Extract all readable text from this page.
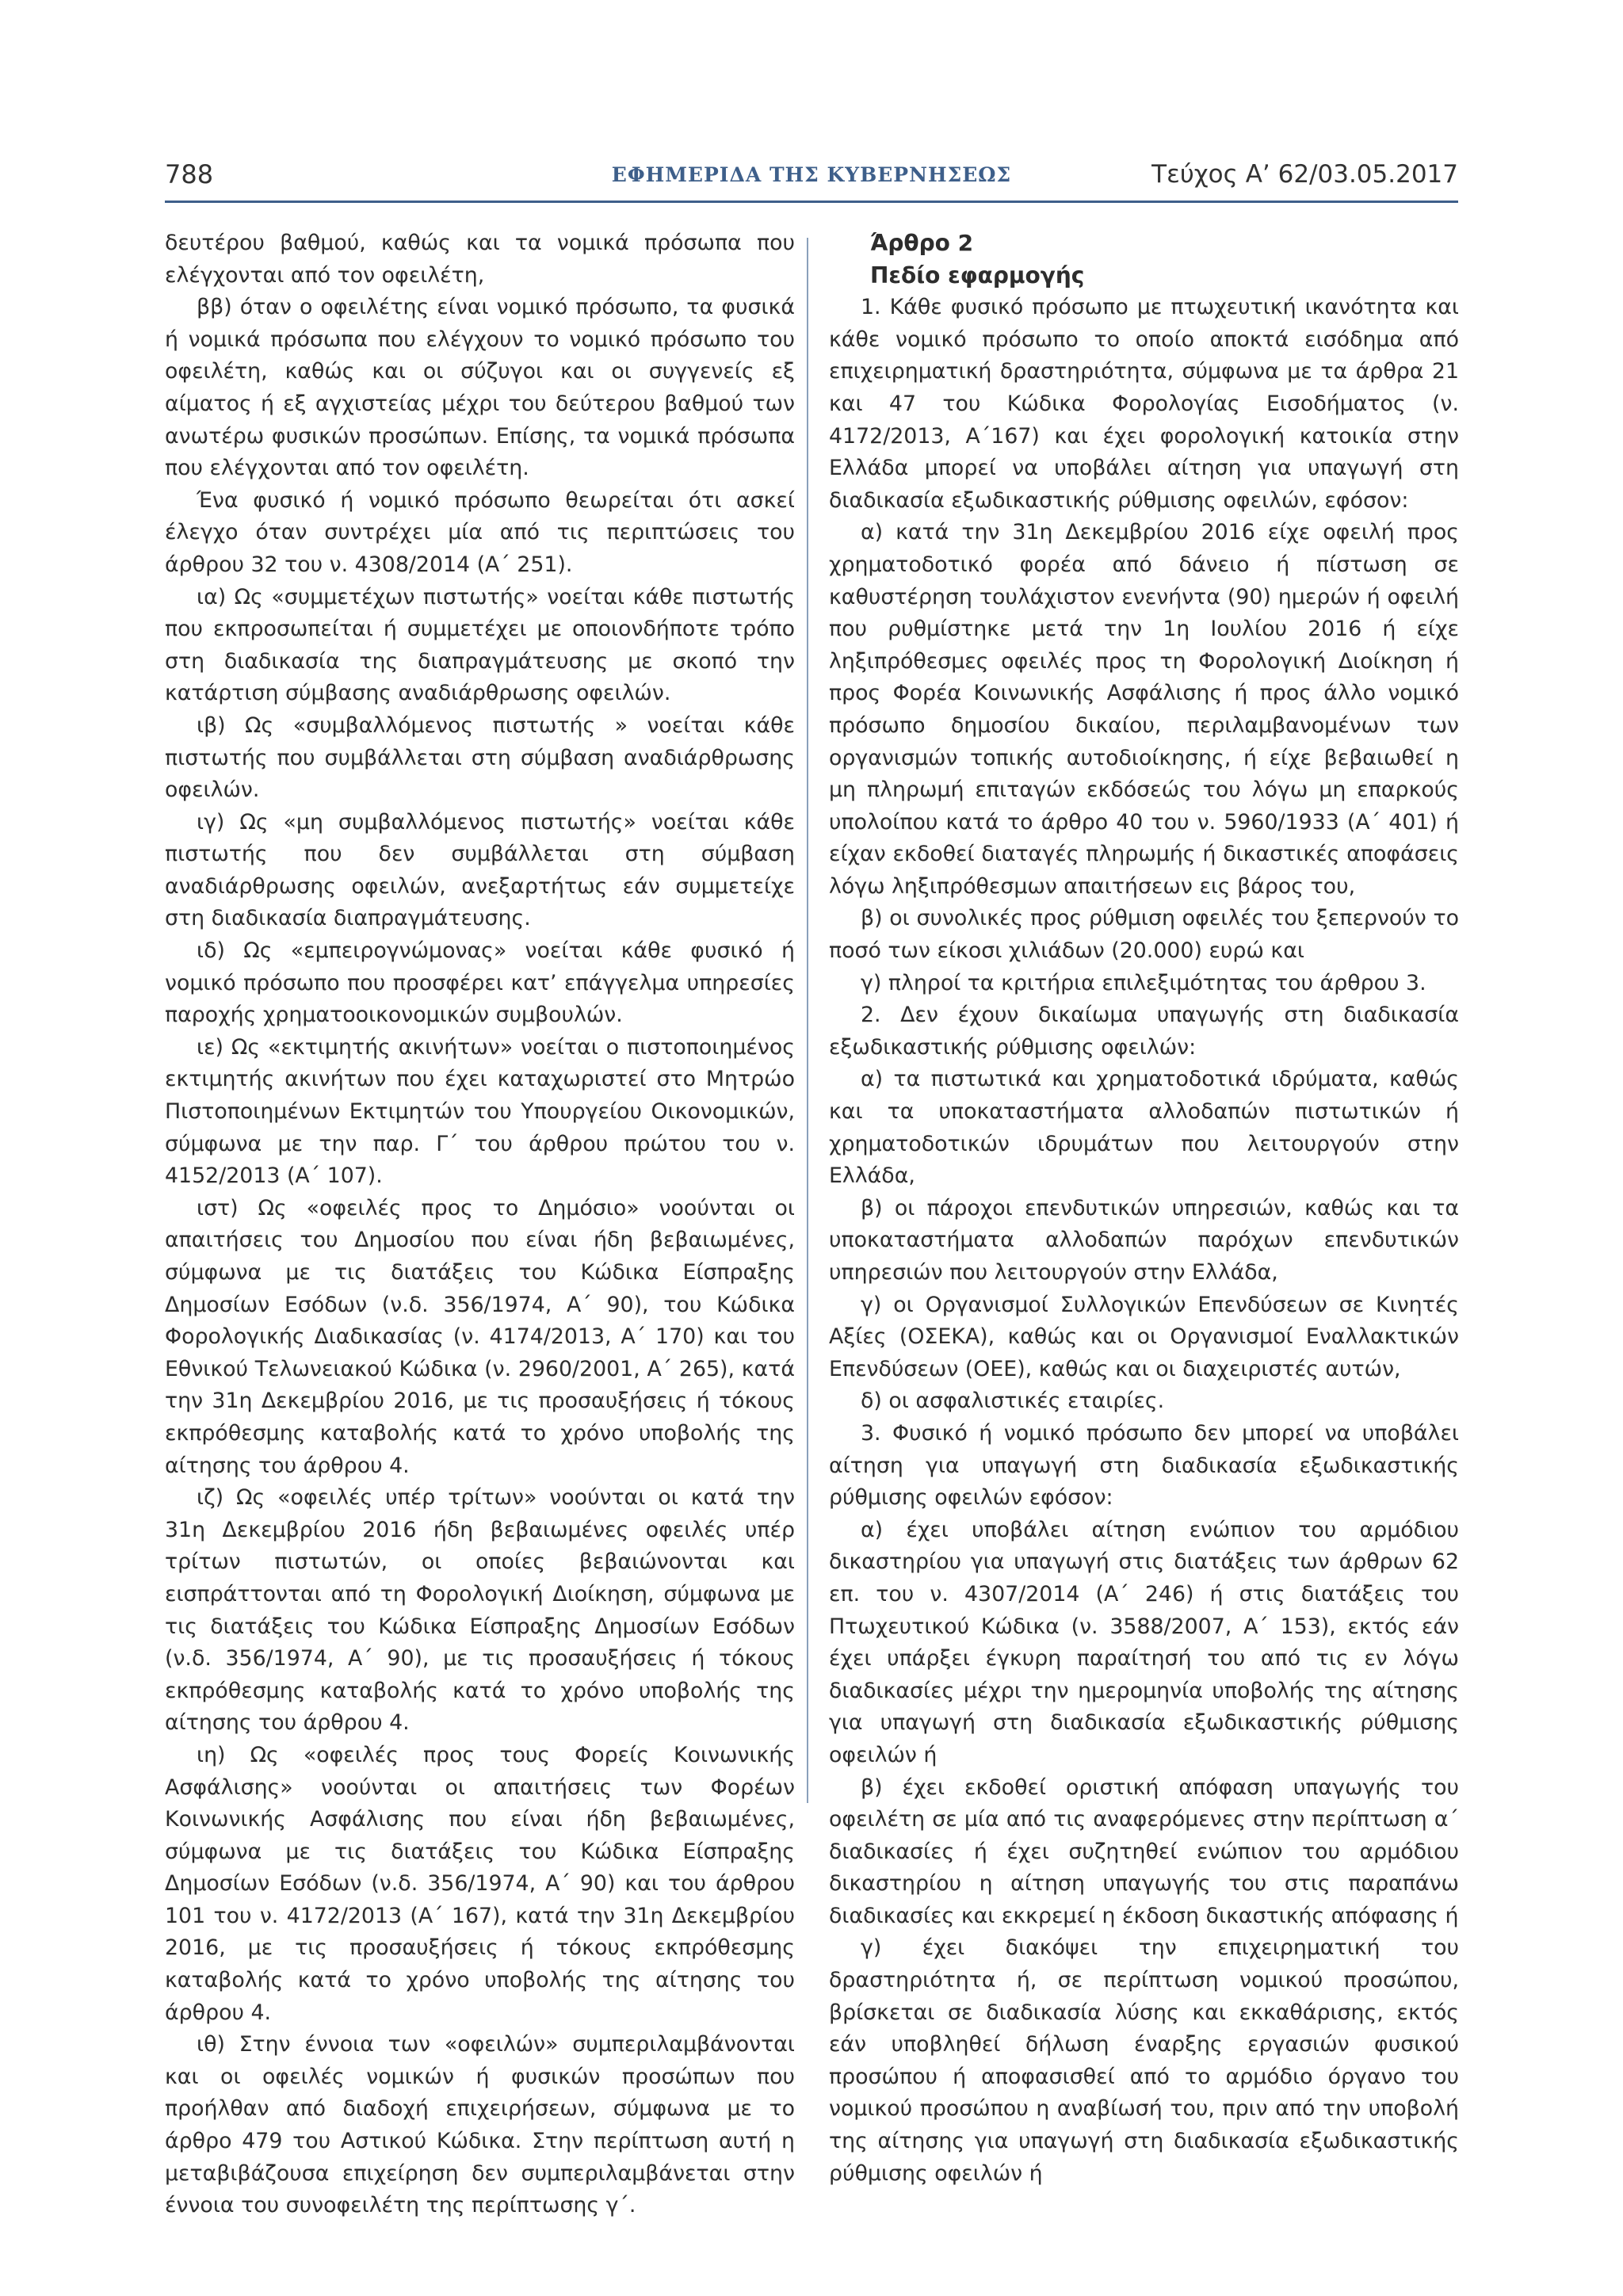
788	ΕΦΗΜΕΡΙΔΑ ΤΗΣ ΚΥΒΕΡΝΗΣΕΩΣ	Τεύχος A’ 62/03.05.2017

δευτέρου βαθμού, καθώς και τα νομικά πρόσωπα που ελέγχονται από τον οφειλέτη,

ββ) όταν ο οφειλέτης είναι νομικό πρόσωπο, τα φυσικά ή νομικά πρόσωπα που ελέγχουν το νομικό πρόσωπο του οφειλέτη, καθώς και οι σύζυγοι και οι συγγενείς εξ αίματος ή εξ αγχιστείας μέχρι του δεύτερου βαθμού των ανωτέρω φυσικών προσώπων. Επίσης, τα νομικά πρόσωπα που ελέγχονται από τον οφειλέτη.

Ένα φυσικό ή νομικό πρόσωπο θεωρείται ότι ασκεί έλεγχο όταν συντρέχει μία από τις περιπτώσεις του άρθρου 32 του ν. 4308/2014 (Α΄ 251).

ια) Ως «συμμετέχων πιστωτής» νοείται κάθε πιστωτής που εκπροσωπείται ή συμμετέχει με οποιονδήποτε τρόπο στη διαδικασία της διαπραγμάτευσης με σκοπό την κατάρτιση σύμβασης αναδιάρθρωσης οφειλών.

ιβ) Ως «συμβαλλόμενος πιστωτής » νοείται κάθε πιστωτής που συμβάλλεται στη σύμβαση αναδιάρθρωσης οφειλών.

ιγ) Ως «μη συμβαλλόμενος πιστωτής» νοείται κάθε πιστωτής που δεν συμβάλλεται στη σύμβαση αναδιάρθρωσης οφειλών, ανεξαρτήτως εάν συμμετείχε στη διαδικασία διαπραγμάτευσης.

ιδ) Ως «εμπειρογνώμονας» νοείται κάθε φυσικό ή νομικό πρόσωπο που προσφέρει κατ’ επάγγελμα υπηρεσίες παροχής χρηματοοικονομικών συμβουλών.

ιε) Ως «εκτιμητής ακινήτων» νοείται ο πιστοποιημένος εκτιμητής ακινήτων που έχει καταχωριστεί στο Μητρώο Πιστοποιημένων Εκτιμητών του Υπουργείου Οικονομικών, σύμφωνα με την παρ. Γ΄ του άρθρου πρώτου του ν. 4152/2013 (Α΄ 107).

ιστ) Ως «οφειλές προς το Δημόσιο» νοούνται οι απαιτήσεις του Δημοσίου που είναι ήδη βεβαιωμένες, σύμφωνα με τις διατάξεις του Κώδικα Είσπραξης Δημοσίων Εσόδων (ν.δ. 356/1974, Α΄ 90), του Κώδικα Φορολογικής Διαδικασίας (ν. 4174/2013, Α΄ 170) και του Εθνικού Τελωνειακού Κώδικα (ν. 2960/2001, Α΄ 265), κατά την 31η Δεκεμβρίου 2016, με τις προσαυξήσεις ή τόκους εκπρόθεσμης καταβολής κατά το χρόνο υποβολής της αίτησης του άρθρου 4.

ιζ) Ως «οφειλές υπέρ τρίτων» νοούνται οι κατά την 31η Δεκεμβρίου 2016 ήδη βεβαιωμένες οφειλές υπέρ τρίτων πιστωτών, οι οποίες βεβαιώνονται και εισπράττονται από τη Φορολογική Διοίκηση, σύμφωνα με τις διατάξεις του Κώδικα Είσπραξης Δημοσίων Εσόδων (ν.δ. 356/1974, Α΄ 90), με τις προσαυξήσεις ή τόκους εκπρόθεσμης καταβολής κατά το χρόνο υποβολής της αίτησης του άρθρου 4.

ιη) Ως «οφειλές προς τους Φορείς Κοινωνικής Ασφάλισης» νοούνται οι απαιτήσεις των Φορέων Κοινωνικής Ασφάλισης που είναι ήδη βεβαιωμένες, σύμφωνα με τις διατάξεις του Κώδικα Είσπραξης Δημοσίων Εσόδων (ν.δ. 356/1974, Α΄ 90) και του άρθρου 101 του ν. 4172/2013 (Α΄ 167), κατά την 31η Δεκεμβρίου 2016, με τις προσαυξήσεις ή τόκους εκπρόθεσμης καταβολής κατά το χρόνο υποβολής της αίτησης του άρθρου 4.

ιθ) Στην έννοια των «οφειλών» συμπεριλαμβάνονται και οι οφειλές νομικών ή φυσικών προσώπων που προήλθαν από διαδοχή επιχειρήσεων, σύμφωνα με το άρθρο 479 του Αστικού Κώδικα. Στην περίπτωση αυτή η μεταβιβάζουσα επιχείρηση δεν συμπεριλαμβάνεται στην έννοια του συνοφειλέτη της περίπτωσης γ΄.

Άρθρο 2

Πεδίο εφαρμογής

1. Κάθε φυσικό πρόσωπο με πτωχευτική ικανότητα και κάθε νομικό πρόσωπο το οποίο αποκτά εισόδημα από επιχειρηματική δραστηριότητα, σύμφωνα με τα άρθρα 21 και 47 του Κώδικα Φορολογίας Εισοδήματος (ν. 4172/2013, Α΄167) και έχει φορολογική κατοικία στην Ελλάδα μπορεί να υποβάλει αίτηση για υπαγωγή στη διαδικασία εξωδικαστικής ρύθμισης οφειλών, εφόσον:

α) κατά την 31η Δεκεμβρίου 2016 είχε οφειλή προς χρηματοδοτικό φορέα από δάνειο ή πίστωση σε καθυστέρηση τουλάχιστον ενενήντα (90) ημερών ή οφειλή που ρυθμίστηκε μετά την 1η Ιουλίου 2016 ή είχε ληξιπρόθεσμες οφειλές προς τη Φορολογική Διοίκηση ή προς Φορέα Κοινωνικής Ασφάλισης ή προς άλλο νομικό πρόσωπο δημοσίου δικαίου, περιλαμβανομένων των οργανισμών τοπικής αυτοδιοίκησης, ή είχε βεβαιωθεί η μη πληρωμή επιταγών εκδόσεώς του λόγω μη επαρκούς υπολοίπου κατά το άρθρο 40 του ν. 5960/1933 (Α΄ 401) ή είχαν εκδοθεί διαταγές πληρωμής ή δικαστικές αποφάσεις λόγω ληξιπρόθεσμων απαιτήσεων εις βάρος του,

β) οι συνολικές προς ρύθμιση οφειλές του ξεπερνούν το ποσό των είκοσι χιλιάδων (20.000) ευρώ και

γ) πληροί τα κριτήρια επιλεξιμότητας του άρθρου 3.

2. Δεν έχουν δικαίωμα υπαγωγής στη διαδικασία εξωδικαστικής ρύθμισης οφειλών:

α) τα πιστωτικά και χρηματοδοτικά ιδρύματα, καθώς και τα υποκαταστήματα αλλοδαπών πιστωτικών ή χρηματοδοτικών ιδρυμάτων που λειτουργούν στην Ελλάδα,

β) οι πάροχοι επενδυτικών υπηρεσιών, καθώς και τα υποκαταστήματα αλλοδαπών παρόχων επενδυτικών υπηρεσιών που λειτουργούν στην Ελλάδα,

γ) οι Οργανισμοί Συλλογικών Επενδύσεων σε Κινητές Αξίες (ΟΣΕΚΑ), καθώς και οι Οργανισμοί Εναλλακτικών Επενδύσεων (ΟΕΕ), καθώς και οι διαχειριστές αυτών,

δ) οι ασφαλιστικές εταιρίες.

3. Φυσικό ή νομικό πρόσωπο δεν μπορεί να υποβάλει αίτηση για υπαγωγή στη διαδικασία εξωδικαστικής ρύθμισης οφειλών εφόσον:

α) έχει υποβάλει αίτηση ενώπιον του αρμόδιου δικαστηρίου για υπαγωγή στις διατάξεις των άρθρων 62 επ. του ν. 4307/2014 (Α΄ 246) ή στις διατάξεις του Πτωχευτικού Κώδικα (ν. 3588/2007, Α΄ 153), εκτός εάν έχει υπάρξει έγκυρη παραίτησή του από τις εν λόγω διαδικασίες μέχρι την ημερομηνία υποβολής της αίτησης για υπαγωγή στη διαδικασία εξωδικαστικής ρύθμισης οφειλών ή

β) έχει εκδοθεί οριστική απόφαση υπαγωγής του οφειλέτη σε μία από τις αναφερόμενες στην περίπτωση α΄ διαδικασίες ή έχει συζητηθεί ενώπιον του αρμόδιου δικαστηρίου η αίτηση υπαγωγής του στις παραπάνω διαδικασίες και εκκρεμεί η έκδοση δικαστικής απόφασης ή

γ) έχει διακόψει την επιχειρηματική του δραστηριότητα ή, σε περίπτωση νομικού προσώπου, βρίσκεται σε διαδικασία λύσης και εκκαθάρισης, εκτός εάν υποβληθεί δήλωση έναρξης εργασιών φυσικού προσώπου ή αποφασισθεί από το αρμόδιο όργανο του νομικού προσώπου η αναβίωσή του, πριν από την υποβολή της αίτησης για υπαγωγή στη διαδικασία εξωδικαστικής ρύθμισης οφειλών ή
